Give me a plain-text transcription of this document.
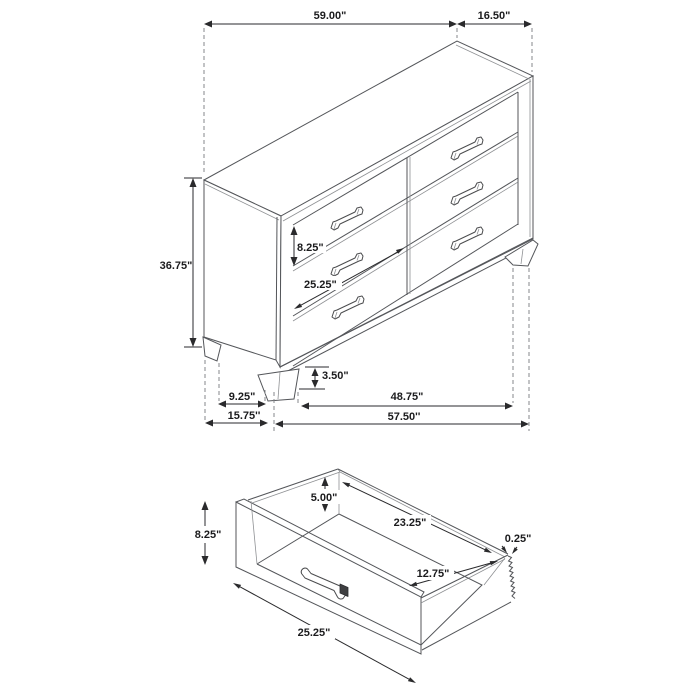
59.00"	16.50"
36.75"
8.25"
25.25"
3.50"
9.25"
15.75''
48.75"
57.50''
8.25"
5.00"
23.25"
0.25"
12.75"
25.25"
